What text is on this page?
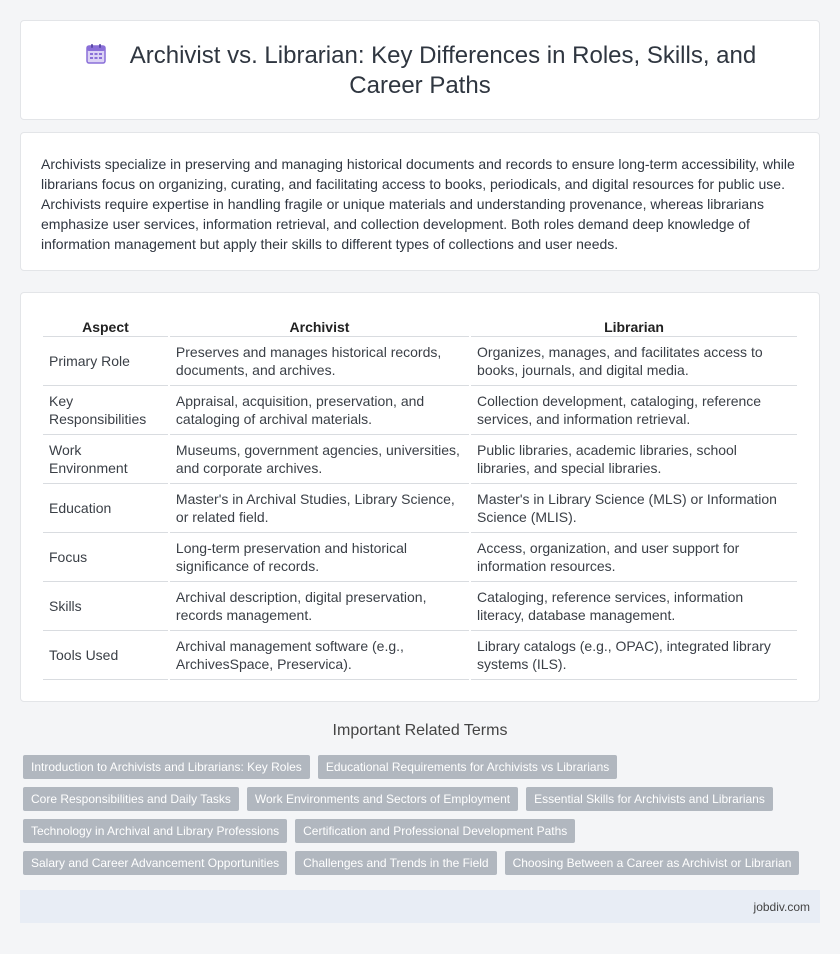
Archivist vs. Librarian: Key Differences in Roles, Skills, and Career Paths

Archivists specialize in preserving and managing historical documents and records to ensure long-term accessibility, while librarians focus on organizing, curating, and facilitating access to books, periodicals, and digital resources for public use. Archivists require expertise in handling fragile or unique materials and understanding provenance, whereas librarians emphasize user services, information retrieval, and collection development. Both roles demand deep knowledge of information management but apply their skills to different types of collections and user needs.

Aspect	Archivist	Librarian
Primary Role	Preserves and manages historical records, documents, and archives.	Organizes, manages, and facilitates access to books, journals, and digital media.
Key Responsibilities	Appraisal, acquisition, preservation, and cataloging of archival materials.	Collection development, cataloging, reference services, and information retrieval.
Work Environment	Museums, government agencies, universities, and corporate archives.	Public libraries, academic libraries, school libraries, and special libraries.
Education	Master's in Archival Studies, Library Science, or related field.	Master's in Library Science (MLS) or Information Science (MLIS).
Focus	Long-term preservation and historical significance of records.	Access, organization, and user support for information resources.
Skills	Archival description, digital preservation, records management.	Cataloging, reference services, information literacy, database management.
Tools Used	Archival management software (e.g., ArchivesSpace, Preservica).	Library catalogs (e.g., OPAC), integrated library systems (ILS).
Important Related Terms
Introduction to Archivists and Librarians: Key Roles	Educational Requirements for Archivists vs Librarians
Core Responsibilities and Daily Tasks	Work Environments and Sectors of Employment	Essential Skills for Archivists and Librarians
Technology in Archival and Library Professions	Certification and Professional Development Paths
Salary and Career Advancement Opportunities	Challenges and Trends in the Field	Choosing Between a Career as Archivist or Librarian
jobdiv.com
